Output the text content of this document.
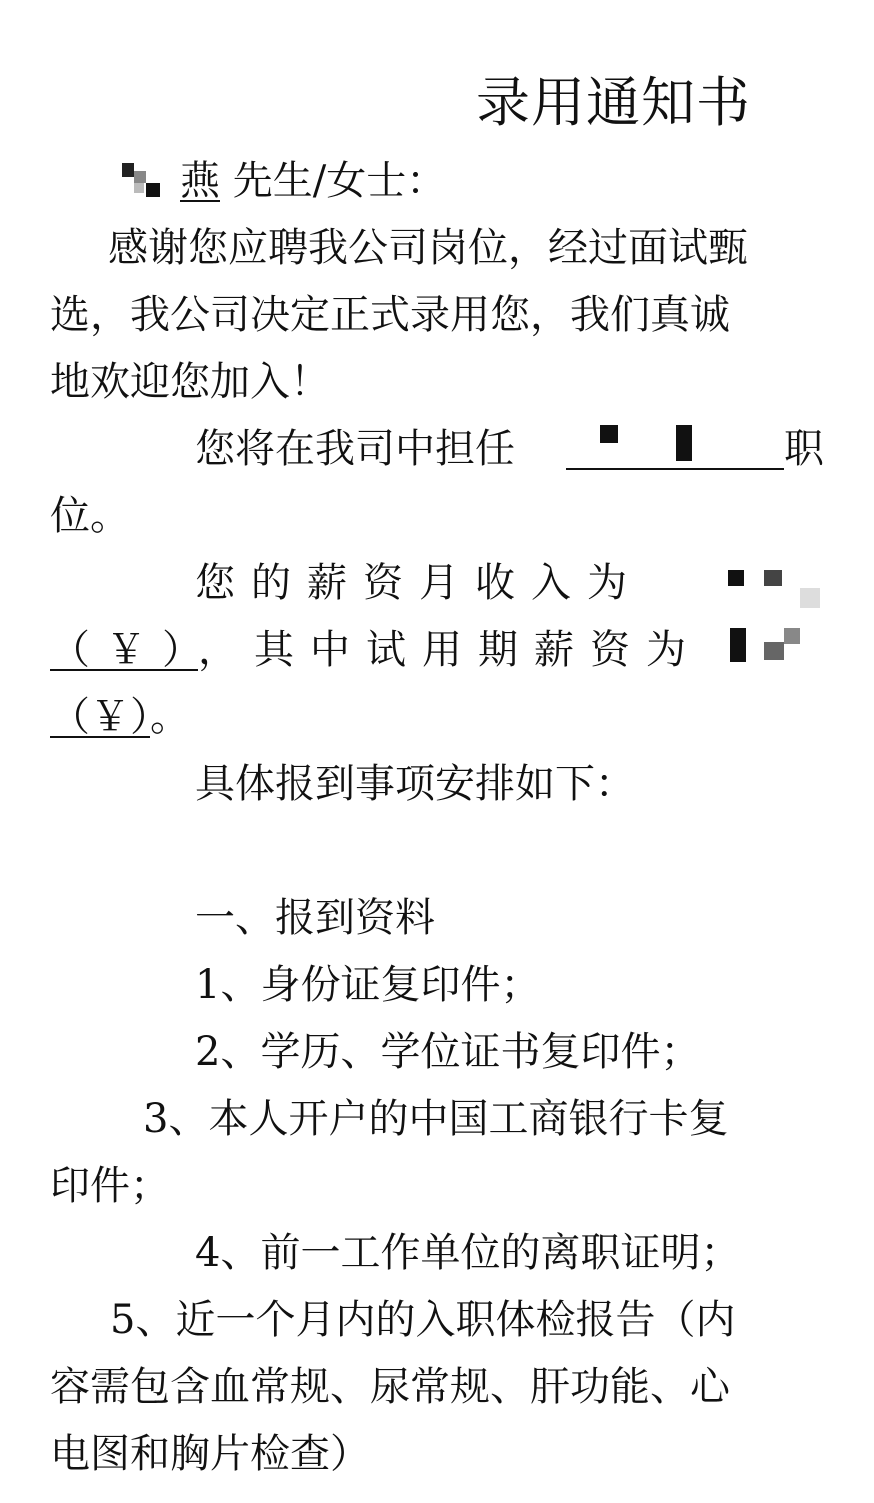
录用通知书
燕 先生/女士：
感谢您应聘我公司岗位，经过面试甄
选，我公司决定正式录用您，我们真诚
地欢迎您加入！
您将在我司中担任	职
位。
您的薪资月收入为
（￥），其中试用期薪资为
（￥）。
具体报到事项安排如下：
一、报到资料
1、身份证复印件；
2、学历、学位证书复印件；
3、本人开户的中国工商银行卡复
印件；
4、前一工作单位的离职证明；
5、近一个月内的入职体检报告（内
容需包含血常规、尿常规、肝功能、心
电图和胸片检查）
